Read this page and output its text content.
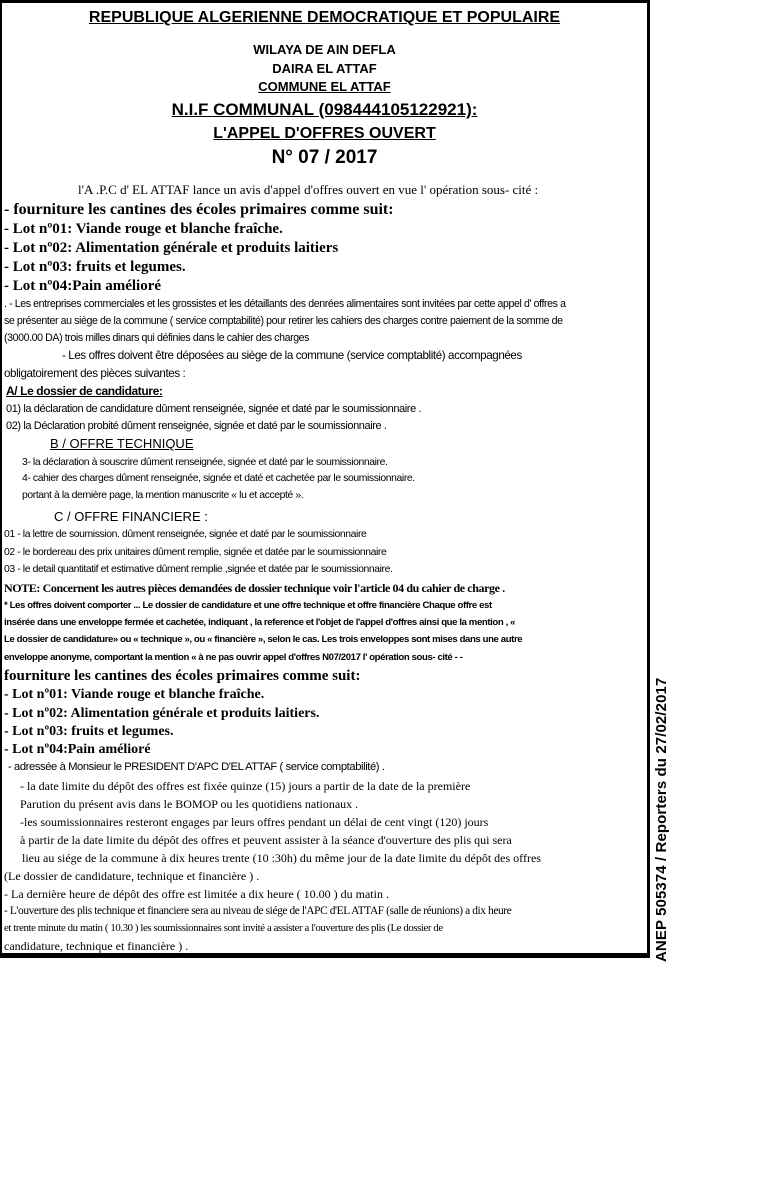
REPUBLIQUE ALGERIENNE DEMOCRATIQUE ET POPULAIRE
WILAYA DE AIN DEFLA
DAIRA EL ATTAF
COMMUNE EL ATTAF
N.I.F COMMUNAL (098444105122921):
L'APPEL D'OFFRES OUVERT
N° 07 / 2017
l'A .P.C d' EL ATTAF lance un avis d'appel d'offres ouvert en vue l' opération sous- cité :
- fourniture les cantines des écoles primaires comme suit:
- Lot nº01: Viande rouge et blanche fraîche.
- Lot nº02: Alimentation générale et produits laitiers
- Lot nº03: fruits et legumes.
- Lot nº04:Pain amélioré
. - Les entreprises commerciales et les grossistes et les détaillants des denrées alimentaires sont invitées par cette appel d' offres a
se présenter au siège de la commune ( service comptabilité) pour retirer les cahiers des charges contre paiement de la somme de
(3000.00 DA) trois milles dinars qui définies dans le cahier des charges
- Les offres doivent être déposées au siège de la commune (service comptablité) accompagnées
obligatoirement des pièces suivantes :
A/ Le dossier de candidature:
01) la déclaration de candidature dûment renseignée, signée et daté par le soumissionnaire .
02) la Déclaration probité dûment renseignée, signée et daté par le soumissionnaire .
B / OFFRE TECHNIQUE
3- la déclaration à souscrire dûment renseignée, signée et daté par le soumissionnaire.
4- cahier des charges dûment renseignée, signée et daté et cachetée par le soumissionnaire.
portant à la dernière page, la mention manuscrite « lu et accepté ».
C / OFFRE FINANCIERE :
01 - la lettre de soumission. dûment renseignée, signée et daté par le soumissionnaire
02 - le bordereau des prix unitaires dûment remplie, signée et datée par le soumissionnaire
03 - le detail quantitatif et estimative dûment remplie ,signée et datée par le soumissionnaire.
NOTE: Concernent les autres pièces demandées de dossier technique voir l'article 04 du cahier de charge .
* Les offres doivent comporter ... Le dossier de candidature et une offre technique et offre financière Chaque offre est
insérée dans une enveloppe fermée et cachetée, indiquant , la reference et l'objet de l'appel d'offres ainsi que la mention , «
Le dossier de candidature» ou « technique », ou « financière », selon le cas. Les trois enveloppes sont mises dans une autre
enveloppe anonyme, comportant la mention « à ne pas ouvrir appel d'offres N07/2017 l' opération sous- cité - -
fourniture les cantines des écoles primaires comme suit:
- Lot nº01: Viande rouge et blanche fraîche.
- Lot nº02: Alimentation générale et produits laitiers.
- Lot nº03: fruits et legumes.
- Lot nº04:Pain amélioré
- adressée à Monsieur le PRESIDENT D'APC D'EL ATTAF ( service comptabilité) .
- la date limite du dépôt des offres est fixée quinze (15) jours a partir de la date de la première
Parution du présent avis dans le BOMOP ou les quotidiens nationaux .
-les soumissionnaires resteront engages par leurs offres pendant un délai de cent vingt (120) jours
à partir de la date limite du dépôt des offres et peuvent assister à la séance d'ouverture des plis qui sera
lieu au siége de la commune à dix heures trente (10 :30h) du même jour de la date limite du dépôt des offres
(Le dossier de candidature, technique et financière ) .
- La dernière heure de dépôt des offre est limitée a dix heure ( 10.00 ) du matin .
- L'ouverture des plis technique et financiere sera au niveau de siége de l'APC d'EL ATTAF (salle de réunions) a dix heure
et trente minute du matin ( 10.30 ) les soumissionnaires sont invité a assister a l'ouverture des plis (Le dossier de
candidature, technique et financière ) .	ANEP 505374 / Reporters du 27/02/2017
